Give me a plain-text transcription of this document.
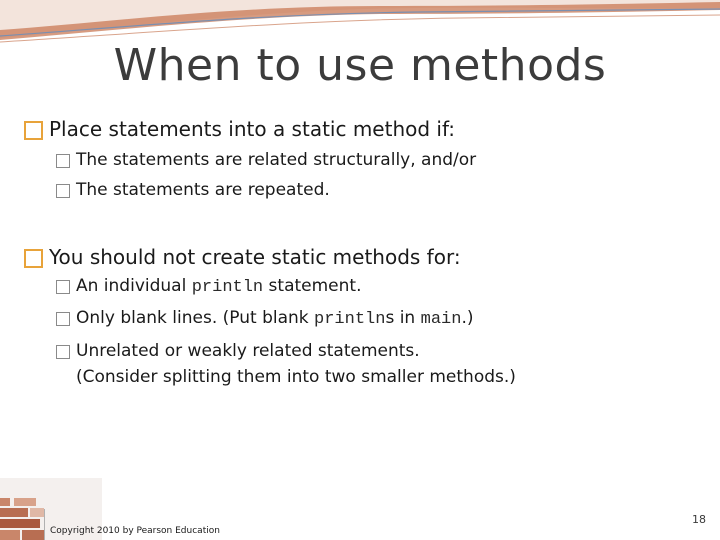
When to use methods
Place statements into a static method if:
The statements are related structurally, and/or
The statements are repeated.
You should not create static methods for:
An individual println statement.
Only blank lines. (Put blank printlns in main.)
Unrelated or weakly related statements.
(Consider splitting them into two smaller methods.)
Copyright 2010 by Pearson Education
18
